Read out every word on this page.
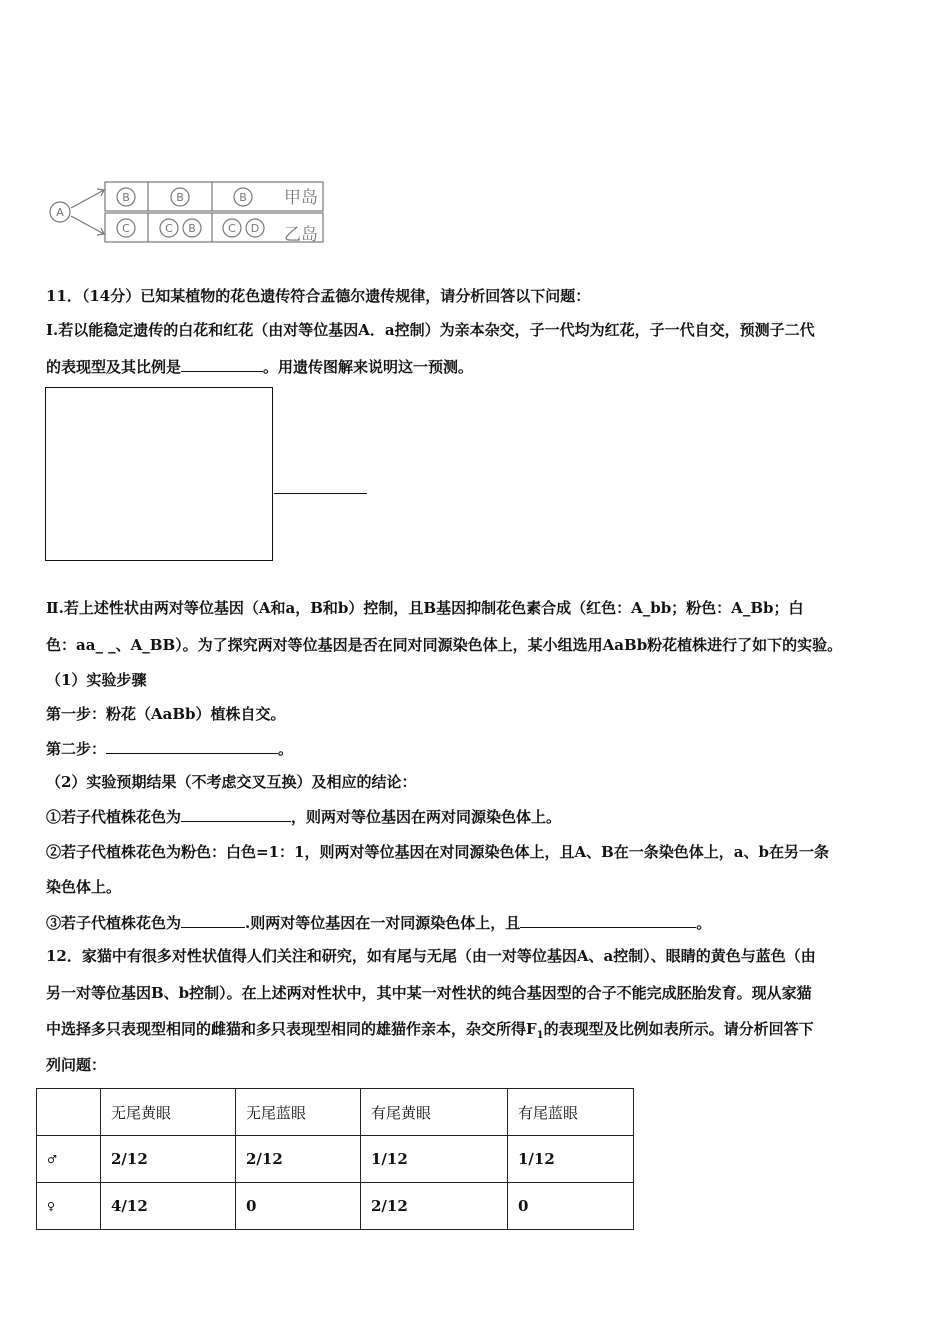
A
B	B	B
C	C B	C D
甲岛
乙岛
11．（14分）已知某植物的花色遗传符合孟德尔遗传规律，请分析回答以下问题：
Ⅰ.若以能稳定遗传的白花和红花（由对等位基因A．a控制）为亲本杂交，子一代均为红花，子一代自交，预测子二代
的表现型及其比例是	。用遗传图解来说明这一预测。
Ⅱ.若上述性状由两对等位基因（A和a，B和b）控制，且B基因抑制花色素合成（红色：A_bb；粉色：A_Bb；白
色：aa_ _、A_BB）。为了探究两对等位基因是否在同对同源染色体上，某小组选用AaBb粉花植株进行了如下的实验。
（1）实验步骤
第一步：粉花（AaBb）植株自交。
第二步：	。
（2）实验预期结果（不考虑交叉互换）及相应的结论：
①若子代植株花色为	，则两对等位基因在两对同源染色体上。
②若子代植株花色为粉色：白色=1：1，则两对等位基因在对同源染色体上，且A、B在一条染色体上，a、b在另一条
染色体上。
③若子代植株花色为	.则两对等位基因在一对同源染色体上，且	。
12．家猫中有很多对性状值得人们关注和研究，如有尾与无尾（由一对等位基因A、a控制）、眼睛的黄色与蓝色（由
另一对等位基因B、b控制）。在上述两对性状中，其中某一对性状的纯合基因型的合子不能完成胚胎发育。现从家猫
中选择多只表现型相同的雌猫和多只表现型相同的雄猫作亲本，杂交所得$F_1$的表现型及比例如表所示。请分析回答下
列问题：
	无尾黄眼	无尾蓝眼	有尾黄眼	有尾蓝眼
♂	2/12	2/12	1/12	1/12
♀	4/12	0	2/12	0
